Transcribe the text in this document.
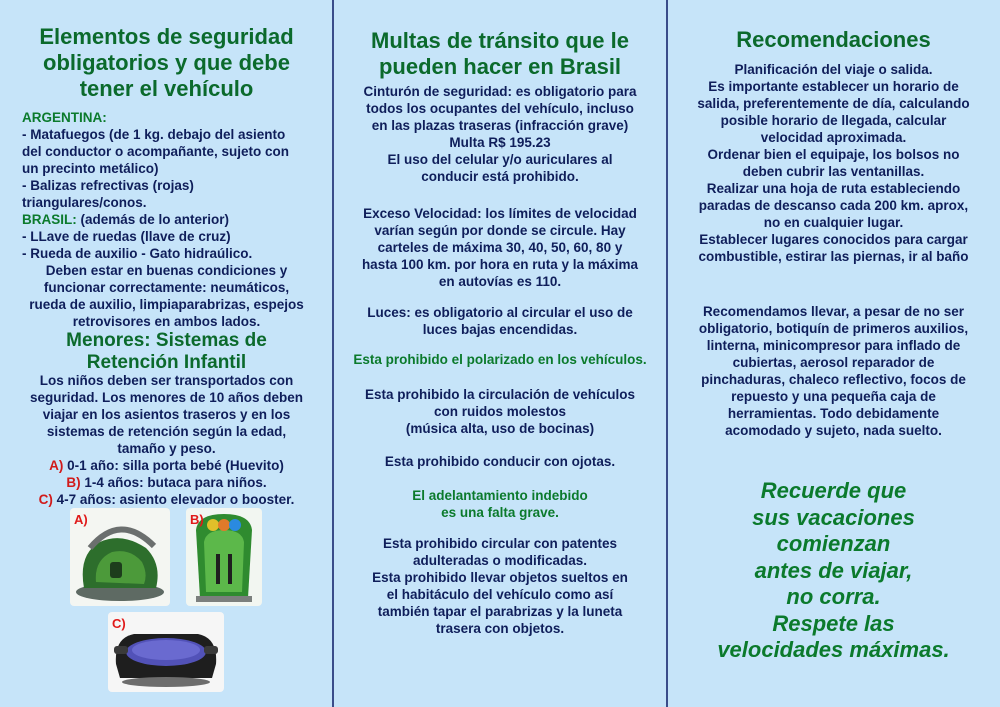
Elementos de seguridad
obligatorios y que debe
tener el vehículo
ARGENTINA:
- Matafuegos (de 1 kg. debajo del asiento
del conductor o acompañante, sujeto con
un precinto metálico)
- Balizas refrectivas (rojas)
triangulares/conos.
BRASIL: (además de lo anterior)
- LLave de ruedas (llave de cruz)
- Rueda de auxilio - Gato hidraúlico.
Deben estar en buenas condiciones y
funcionar correctamente: neumáticos,
rueda de auxilio, limpiaparabrizas, espejos
retrovisores en ambos lados.
Menores: Sistemas de
Retención Infantil
Los niños deben ser transportados con
seguridad. Los menores de 10 años deben
viajar en los asientos traseros y en los
sistemas de retención según la edad,
tamaño y peso.
A) 0-1 año: silla porta bebé (Huevito)
B) 1-4 años: butaca para niños.
C) 4-7 años: asiento elevador o booster.
A)	B)
C)
Multas de tránsito que le
pueden hacer en Brasil
Cinturón de seguridad: es obligatorio para
todos los ocupantes del vehículo, incluso
en las plazas traseras (infracción grave)
Multa R$ 195.23
El uso del celular y/o auriculares al
conducir está prohibido.
Exceso Velocidad: los límites de velocidad
varían según por donde se circule. Hay
carteles de máxima 30, 40, 50, 60, 80 y
hasta 100 km. por hora en ruta y la máxima
en autovías es 110.
Luces: es obligatorio al circular el uso de
luces bajas encendidas.
Esta prohibido el polarizado en los vehículos.
Esta prohibido la circulación de vehículos
con ruidos molestos
(música alta, uso de bocinas)
Esta prohibido conducir con ojotas.
El adelantamiento indebido
es una falta grave.
Esta prohibido circular con patentes
adulteradas o modificadas.
Esta prohibido llevar objetos sueltos en
el habitáculo del vehículo como así
también tapar el parabrizas y la luneta
trasera con objetos.
Recomendaciones
Planificación del viaje o salida.
Es importante establecer un horario de
salida, preferentemente de día, calculando
posible horario de llegada, calcular
velocidad aproximada.
Ordenar bien el equipaje, los bolsos no
deben cubrir las ventanillas.
Realizar una hoja de ruta estableciendo
paradas de descanso cada 200 km. aprox,
no en cualquier lugar.
Establecer lugares conocidos para cargar
combustible, estirar las piernas, ir al baño
Recomendamos llevar, a pesar de no ser
obligatorio, botiquín de primeros auxilios,
linterna, minicompresor para inflado de
cubiertas, aerosol reparador de
pinchaduras, chaleco reflectivo, focos de
repuesto y una pequeña caja de
herramientas. Todo debidamente
acomodado y sujeto, nada suelto.
Recuerde que
sus vacaciones
comienzan
antes de viajar,
no corra.
Respete las
velocidades máximas.
